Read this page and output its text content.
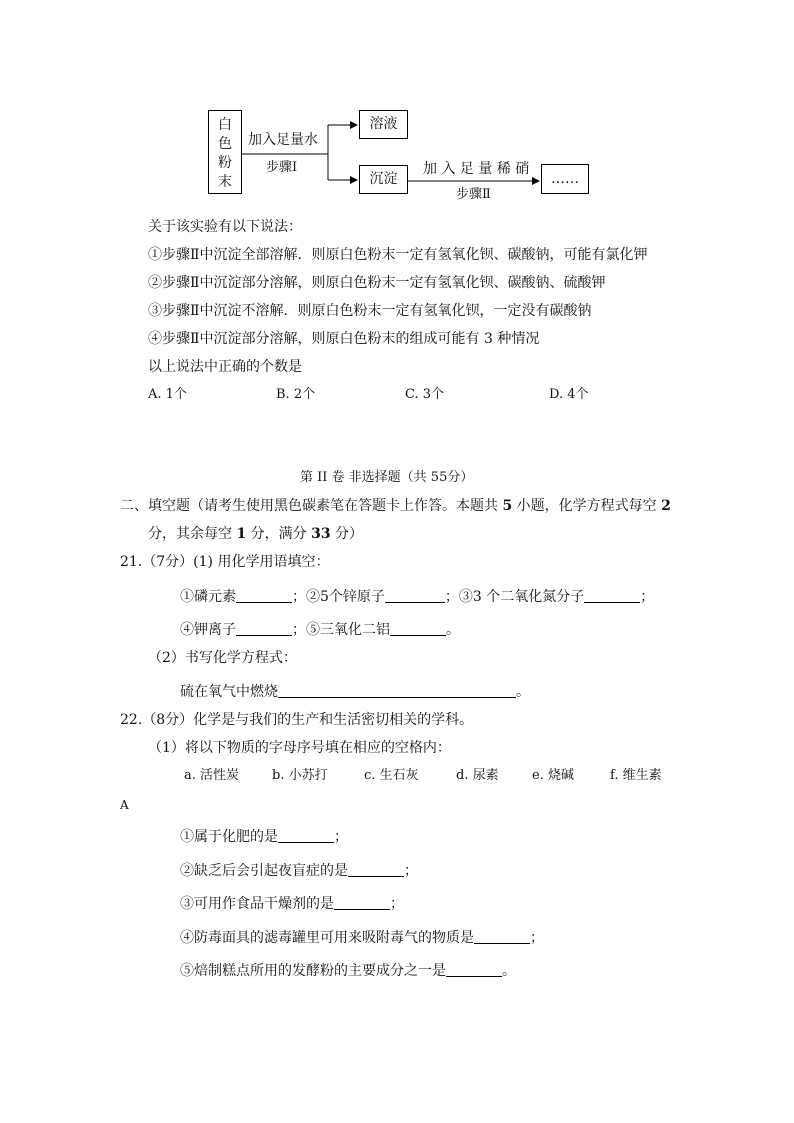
白
色
粉
末
加入足量水
步骤Ⅰ
溶液
沉淀
加 入 足 量 稀 硝
步骤Ⅱ
……
关于该实验有以下说法：
①步骤Ⅱ中沉淀全部溶解．则原白色粉末一定有氢氧化钡、碳酸钠，可能有氯化钾
②步骤Ⅱ中沉淀部分溶解，则原白色粉末一定有氢氧化钡、碳酸钠、硫酸钾
③步骤Ⅱ中沉淀不溶解．则原白色粉末一定有氢氧化钡，一定没有碳酸钠
④步骤Ⅱ中沉淀部分溶解，则原白色粉末的组成可能有 3 种情况
以上说法中正确的个数是
A. 1个	B. 2个	C. 3个	D. 4个
第 II 卷 非选择题（共 55分）
二、填空题（请考生使用黑色碳素笔在答题卡上作答。本题共 5 小题，化学方程式每空 2
分，其余每空 1 分，满分 33 分）
21.（7分）(1) 用化学用语填空：
①磷元素	；②5个锌原子	；③3 个二氧化氮分子	；
④钾离子	；⑤三氧化二铝	。
（2）书写化学方程式：
硫在氧气中燃烧	。
22.（8分）化学是与我们的生产和生活密切相关的学科。
（1）将以下物质的字母序号填在相应的空格内：
a. 活性炭	b. 小苏打	c. 生石灰	d. 尿素	e. 烧碱	f. 维生素
A
①属于化肥的是	；
②缺乏后会引起夜盲症的是	；
③可用作食品干燥剂的是	；
④防毒面具的滤毒罐里可用来吸附毒气的物质是	；
⑤焙制糕点所用的发酵粉的主要成分之一是	。
